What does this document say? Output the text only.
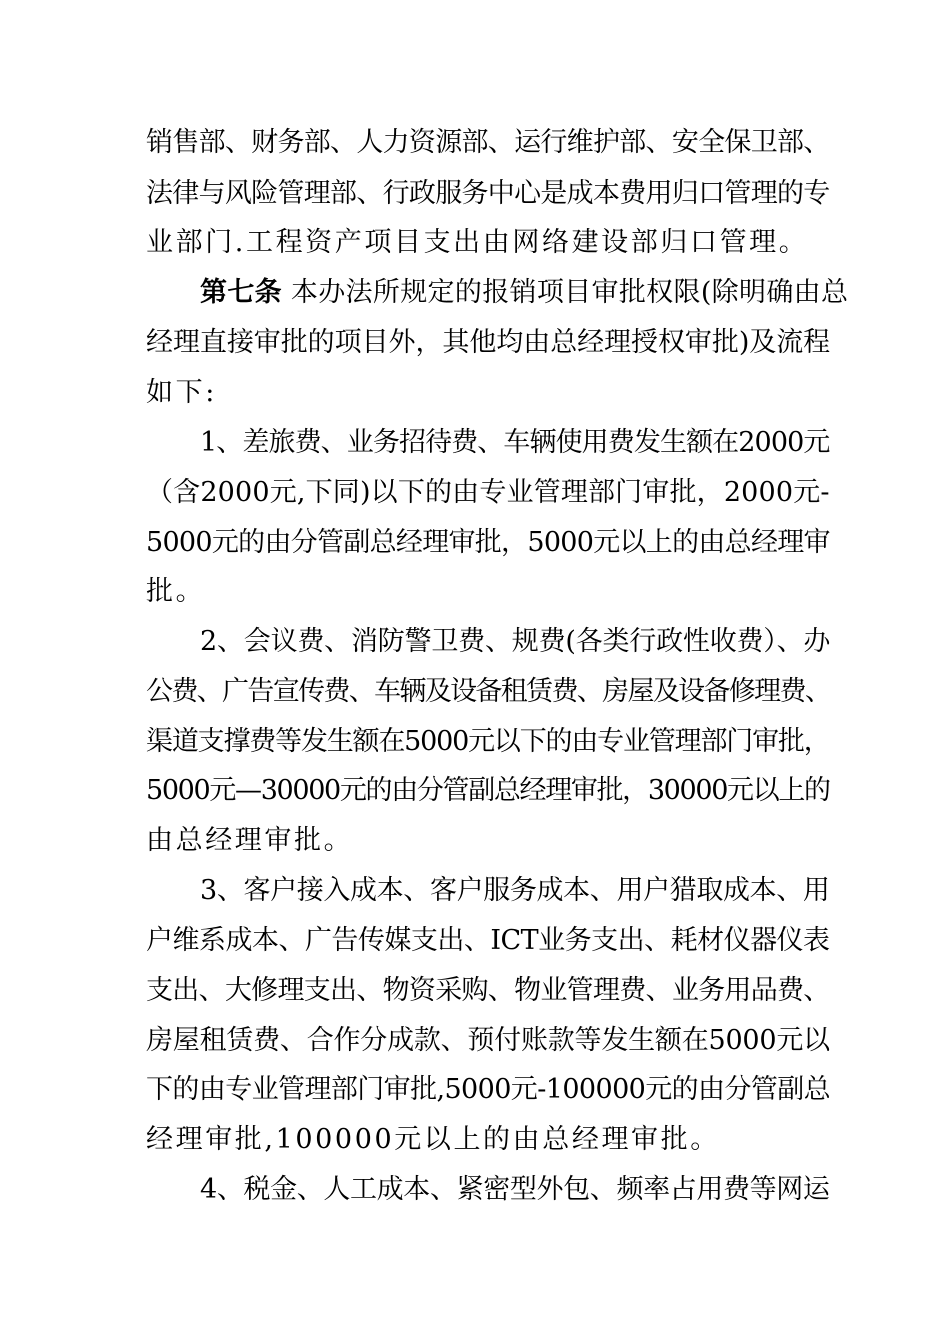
销售部、财务部、人力资源部、运行维护部、安全保卫部、
法律与风险管理部、行政服务中心是成本费用归口管理的专
业部门.工程资产项目支出由网络建设部归口管理。
第七条 本办法所规定的报销项目审批权限(除明确由总
经理直接审批的项目外，其他均由总经理授权审批)及流程
如下:
1、差旅费、业务招待费、车辆使用费发生额在2000元
（含2000元,下同)以下的由专业管理部门审批，2000元-
5000元的由分管副总经理审批，5000元以上的由总经理审
批。
2、会议费、消防警卫费、规费(各类行政性收费）、办
公费、广告宣传费、车辆及设备租赁费、房屋及设备修理费、
渠道支撑费等发生额在5000元以下的由专业管理部门审批，
5000元—30000元的由分管副总经理审批，30000元以上的
由总经理审批。
3、客户接入成本、客户服务成本、用户猎取成本、用
户维系成本、广告传媒支出、ICT业务支出、耗材仪器仪表
支出、大修理支出、物资采购、物业管理费、业务用品费、
房屋租赁费、合作分成款、预付账款等发生额在5000元以
下的由专业管理部门审批,5000元-100000元的由分管副总
经理审批,100000元以上的由总经理审批。
4、税金、人工成本、紧密型外包、频率占用费等网运
